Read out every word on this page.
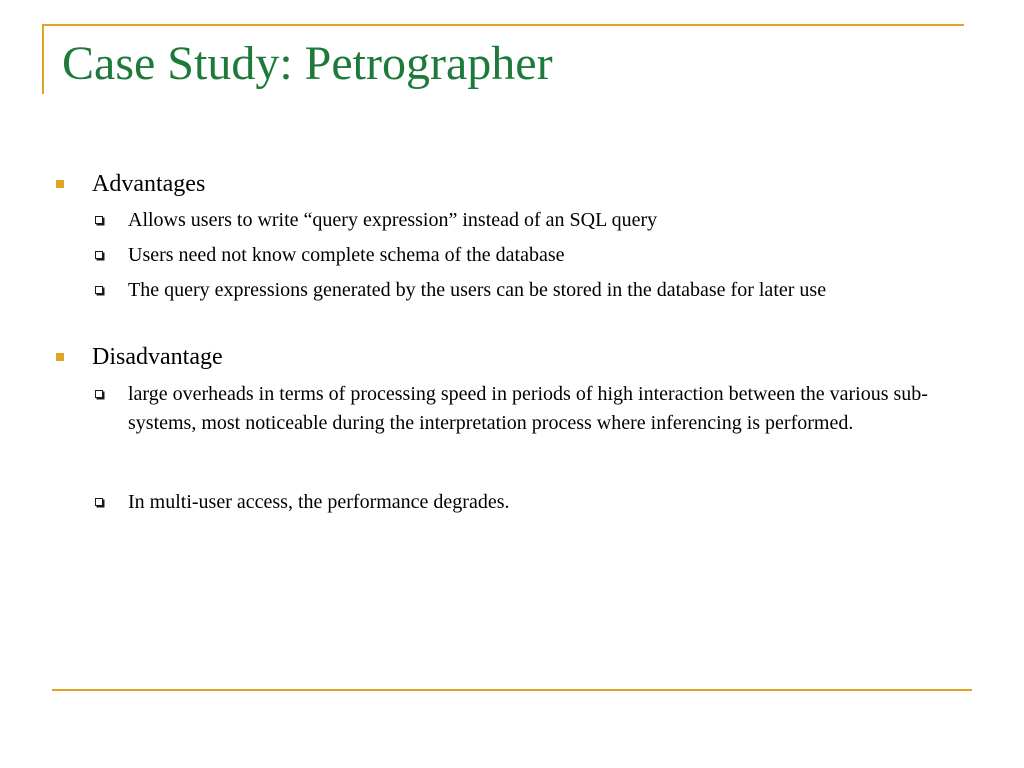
Case Study: Petrographer
Advantages
Allows users to write “query expression” instead of an SQL query
Users need not know complete schema of the database
The query expressions generated by the users can be stored in the database for later use
Disadvantage
large overheads in terms of processing speed in periods of high interaction between the various sub-systems, most noticeable during the interpretation process where inferencing is performed.
In multi-user access, the performance degrades.
